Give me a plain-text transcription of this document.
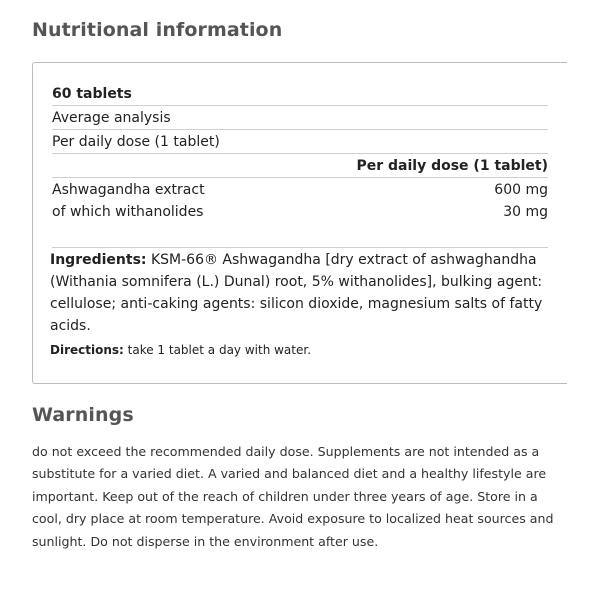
Nutritional information
60 tablets
Average analysis
Per daily dose (1 tablet)
Per daily dose (1 tablet)
Ashwagandha extract	600 mg
of which withanolides	30 mg
Ingredients: KSM-66® Ashwagandha [dry extract of ashwaghandha (Withania somnifera (L.) Dunal) root, 5% withanolides], bulking agent: cellulose; anti-caking agents: silicon dioxide, magnesium salts of fatty acids.
Directions: take 1 tablet a day with water.
Warnings

do not exceed the recommended daily dose. Supplements are not intended as a substitute for a varied diet. A varied and balanced diet and a healthy lifestyle are important. Keep out of the reach of children under three years of age. Store in a cool, dry place at room temperature. Avoid exposure to localized heat sources and sunlight. Do not disperse in the environment after use.
